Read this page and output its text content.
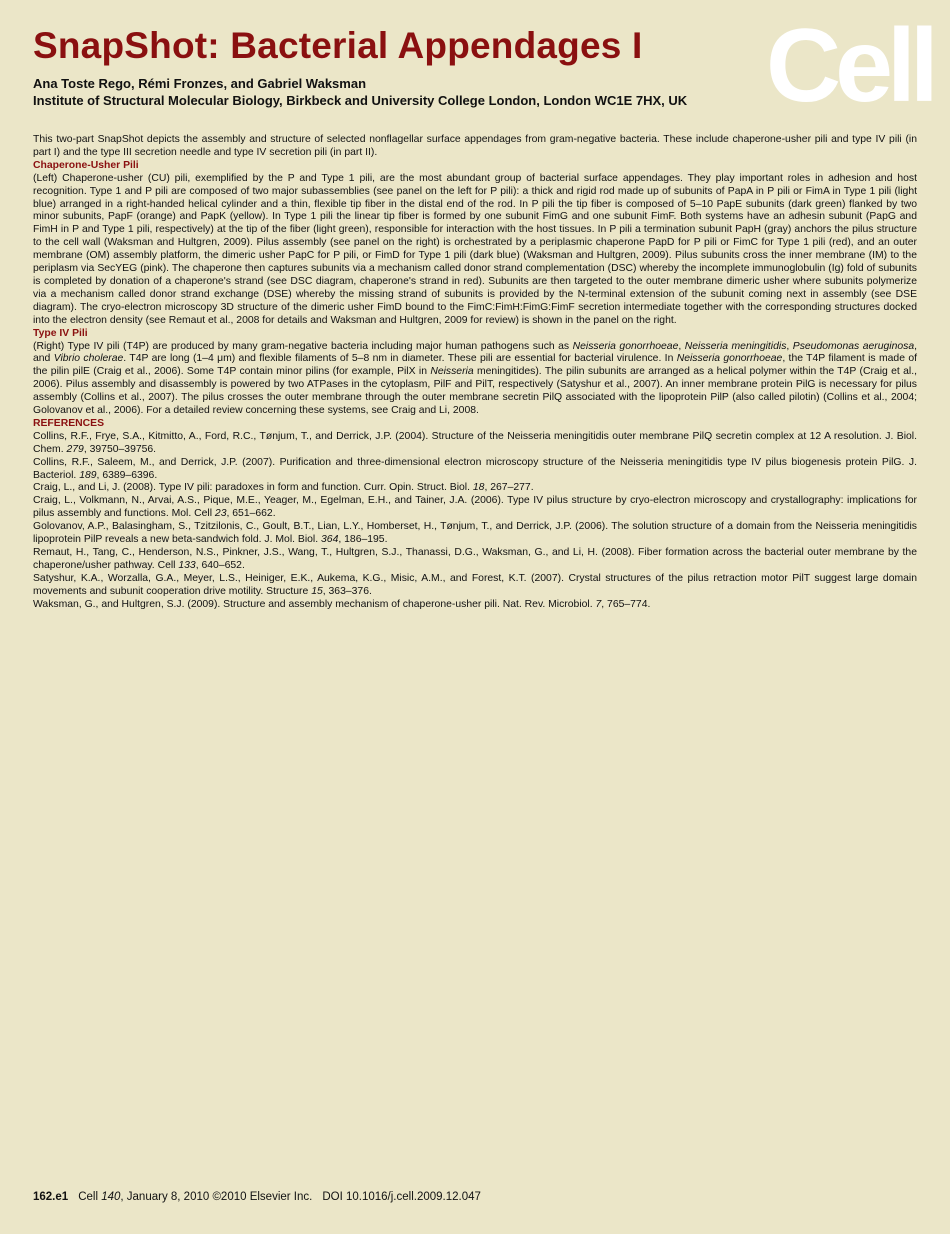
SnapShot: Bacterial Appendages I Cell
Ana Toste Rego, Rémi Fronzes, and Gabriel Waksman
Institute of Structural Molecular Biology, Birkbeck and University College London, London WC1E 7HX, UK

This two-part SnapShot depicts the assembly and structure of selected nonflagellar surface appendages from gram-negative bacteria. These include chaperone-usher pili and type IV pili (in part I) and the type III secretion needle and type IV secretion pili (in part II).

Chaperone-Usher Pili

(Left) Chaperone-usher (CU) pili, exemplified by the P and Type 1 pili, are the most abundant group of bacterial surface appendages. They play important roles in adhesion and host recognition. Type 1 and P pili are composed of two major subassemblies (see panel on the left for P pili): a thick and rigid rod made up of subunits of PapA in P pili or FimA in Type 1 pili (light blue) arranged in a right-handed helical cylinder and a thin, flexible tip fiber in the distal end of the rod. In P pili the tip fiber is composed of 5–10 PapE subunits (dark green) flanked by two minor subunits, PapF (orange) and PapK (yellow). In Type 1 pili the linear tip fiber is formed by one subunit FimG and one subunit FimF. Both systems have an adhesin subunit (PapG and FimH in P and Type 1 pili, respectively) at the tip of the fiber (light green), responsible for interaction with the host tissues. In P pili a termination subunit PapH (gray) anchors the pilus structure to the cell wall (Waksman and Hultgren, 2009). Pilus assembly (see panel on the right) is orchestrated by a periplasmic chaperone PapD for P pili or FimC for Type 1 pili (red), and an outer membrane (OM) assembly platform, the dimeric usher PapC for P pili, or FimD for Type 1 pili (dark blue) (Waksman and Hultgren, 2009). Pilus subunits cross the inner membrane (IM) to the periplasm via SecYEG (pink). The chaperone then captures subunits via a mechanism called donor strand complementation (DSC) whereby the incomplete immunoglobulin (Ig) fold of subunits is completed by donation of a chaperone's strand (see DSC diagram, chaperone's strand in red). Subunits are then targeted to the outer membrane dimeric usher where subunits polymerize via a mechanism called donor strand exchange (DSE) whereby the missing strand of subunits is provided by the N-terminal extension of the subunit coming next in assembly (see DSE diagram). The cryo-electron microscopy 3D structure of the dimeric usher FimD bound to the FimC:FimH:FimG:FimF secretion intermediate together with the corresponding structures docked into the electron density (see Remaut et al., 2008 for details and Waksman and Hultgren, 2009 for review) is shown in the panel on the right.

Type IV Pili

(Right) Type IV pili (T4P) are produced by many gram-negative bacteria including major human pathogens such as Neisseria gonorrhoeae, Neisseria meningitidis, Pseudomonas aeruginosa, and Vibrio cholerae. T4P are long (1–4 μm) and flexible filaments of 5–8 nm in diameter. These pili are essential for bacterial virulence. In Neisseria gonorrhoeae, the T4P filament is made of the pilin pilE (Craig et al., 2006). Some T4P contain minor pilins (for example, PilX in Neisseria meningitides). The pilin subunits are arranged as a helical polymer within the T4P (Craig et al., 2006). Pilus assembly and disassembly is powered by two ATPases in the cytoplasm, PilF and PilT, respectively (Satyshur et al., 2007). An inner membrane protein PilG is necessary for pilus assembly (Collins et al., 2007). The pilus crosses the outer membrane through the outer membrane secretin PilQ associated with the lipoprotein PilP (also called pilotin) (Collins et al., 2004; Golovanov et al., 2006). For a detailed review concerning these systems, see Craig and Li, 2008.

REFERENCES

Collins, R.F., Frye, S.A., Kitmitto, A., Ford, R.C., Tønjum, T., and Derrick, J.P. (2004). Structure of the Neisseria meningitidis outer membrane PilQ secretin complex at 12 A resolution. J. Biol. Chem. 279, 39750–39756.

Collins, R.F., Saleem, M., and Derrick, J.P. (2007). Purification and three-dimensional electron microscopy structure of the Neisseria meningitidis type IV pilus biogenesis protein PilG. J. Bacteriol. 189, 6389–6396.

Craig, L., and Li, J. (2008). Type IV pili: paradoxes in form and function. Curr. Opin. Struct. Biol. 18, 267–277.

Craig, L., Volkmann, N., Arvai, A.S., Pique, M.E., Yeager, M., Egelman, E.H., and Tainer, J.A. (2006). Type IV pilus structure by cryo-electron microscopy and crystallography: implications for pilus assembly and functions. Mol. Cell 23, 651–662.

Golovanov, A.P., Balasingham, S., Tzitzilonis, C., Goult, B.T., Lian, L.Y., Homberset, H., Tønjum, T., and Derrick, J.P. (2006). The solution structure of a domain from the Neisseria meningitidis lipoprotein PilP reveals a new beta-sandwich fold. J. Mol. Biol. 364, 186–195.

Remaut, H., Tang, C., Henderson, N.S., Pinkner, J.S., Wang, T., Hultgren, S.J., Thanassi, D.G., Waksman, G., and Li, H. (2008). Fiber formation across the bacterial outer membrane by the chaperone/usher pathway. Cell 133, 640–652.

Satyshur, K.A., Worzalla, G.A., Meyer, L.S., Heiniger, E.K., Aukema, K.G., Misic, A.M., and Forest, K.T. (2007). Crystal structures of the pilus retraction motor PilT suggest large domain movements and subunit cooperation drive motility. Structure 15, 363–376.

Waksman, G., and Hultgren, S.J. (2009). Structure and assembly mechanism of chaperone-usher pili. Nat. Rev. Microbiol. 7, 765–774.

162.e1 Cell 140, January 8, 2010 ©2010 Elsevier Inc. DOI 10.1016/j.cell.2009.12.047
